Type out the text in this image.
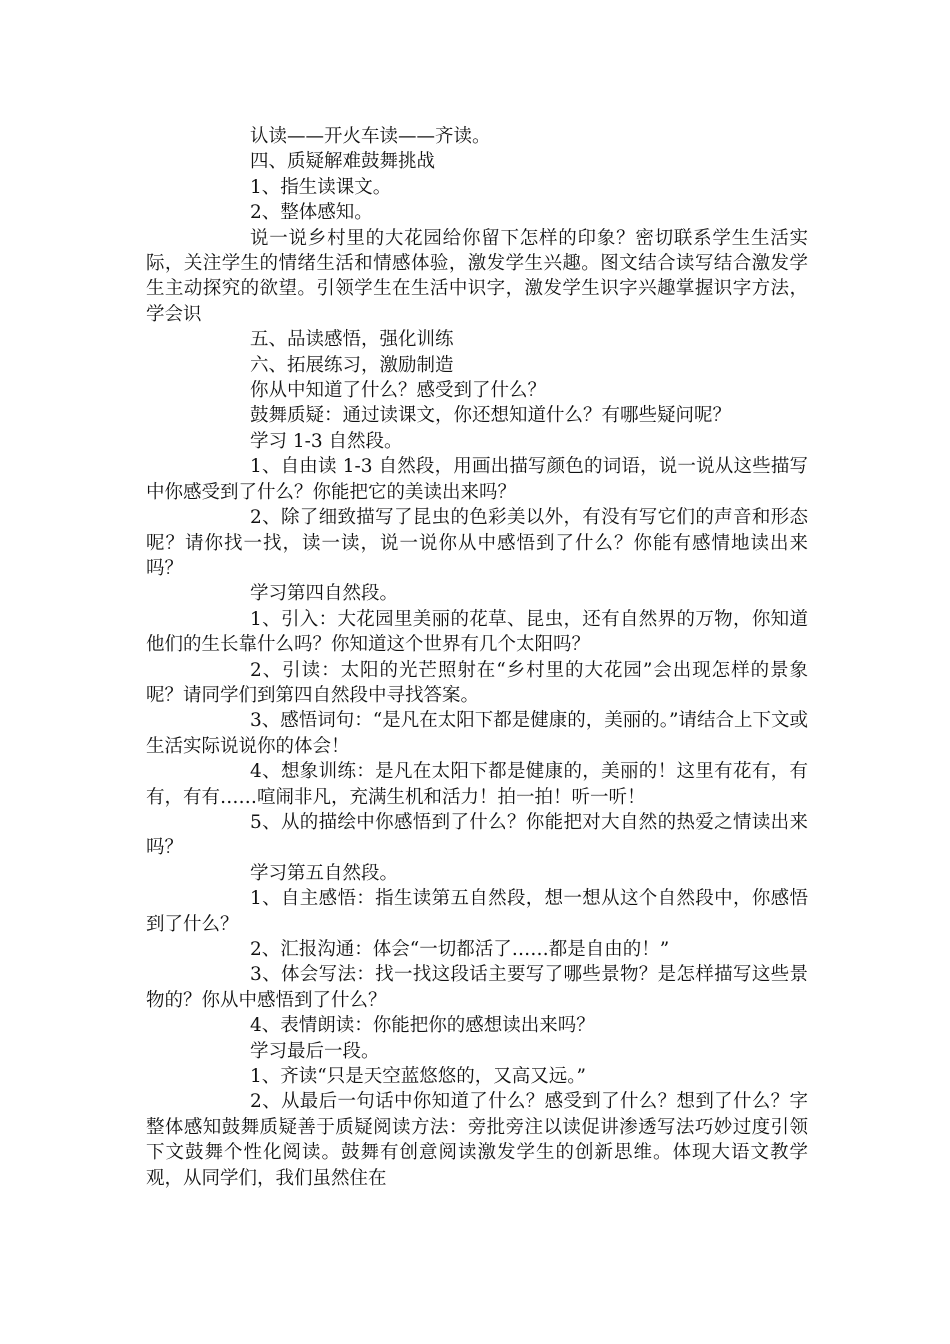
认读——开火车读——齐读。

四、质疑解难鼓舞挑战

1、指生读课文。

2、整体感知。

说一说乡村里的大花园给你留下怎样的印象？密切联系学生生活实际，关注学生的情绪生活和情感体验，激发学生兴趣。图文结合读写结合激发学生主动探究的欲望。引领学生在生活中识字，激发学生识字兴趣掌握识字方法，学会识

五、品读感悟，强化训练

六、拓展练习，激励制造

你从中知道了什么？感受到了什么？

鼓舞质疑：通过读课文，你还想知道什么？有哪些疑问呢？

学习 1-3 自然段。

1、自由读 1-3 自然段，用画出描写颜色的词语，说一说从这些描写中你感受到了什么？你能把它的美读出来吗？

2、除了细致描写了昆虫的色彩美以外，有没有写它们的声音和形态呢？请你找一找，读一读，说一说你从中感悟到了什么？你能有感情地读出来吗？

学习第四自然段。

1、引入：大花园里美丽的花草、昆虫，还有自然界的万物，你知道他们的生长靠什么吗？你知道这个世界有几个太阳吗？

2、引读：太阳的光芒照射在“乡村里的大花园”会出现怎样的景象呢？请同学们到第四自然段中寻找答案。

3、感悟词句：“是凡在太阳下都是健康的，美丽的。”请结合上下文或生活实际说说你的体会！

4、想象训练：是凡在太阳下都是健康的，美丽的！这里有花有，有有，有有……喧闹非凡，充满生机和活力！拍一拍！听一听！

5、从的描绘中你感悟到了什么？你能把对大自然的热爱之情读出来吗？

学习第五自然段。

1、自主感悟：指生读第五自然段，想一想从这个自然段中，你感悟到了什么？

2、汇报沟通：体会“一切都活了……都是自由的！”

3、体会写法：找一找这段话主要写了哪些景物？是怎样描写这些景物的？你从中感悟到了什么？

4、表情朗读：你能把你的感想读出来吗？

学习最后一段。

1、齐读“只是天空蓝悠悠的，又高又远。”

2、从最后一句话中你知道了什么？感受到了什么？想到了什么？字整体感知鼓舞质疑善于质疑阅读方法：旁批旁注以读促讲渗透写法巧妙过度引领下文鼓舞个性化阅读。鼓舞有创意阅读激发学生的创新思维。体现大语文教学观，从同学们，我们虽然住在
